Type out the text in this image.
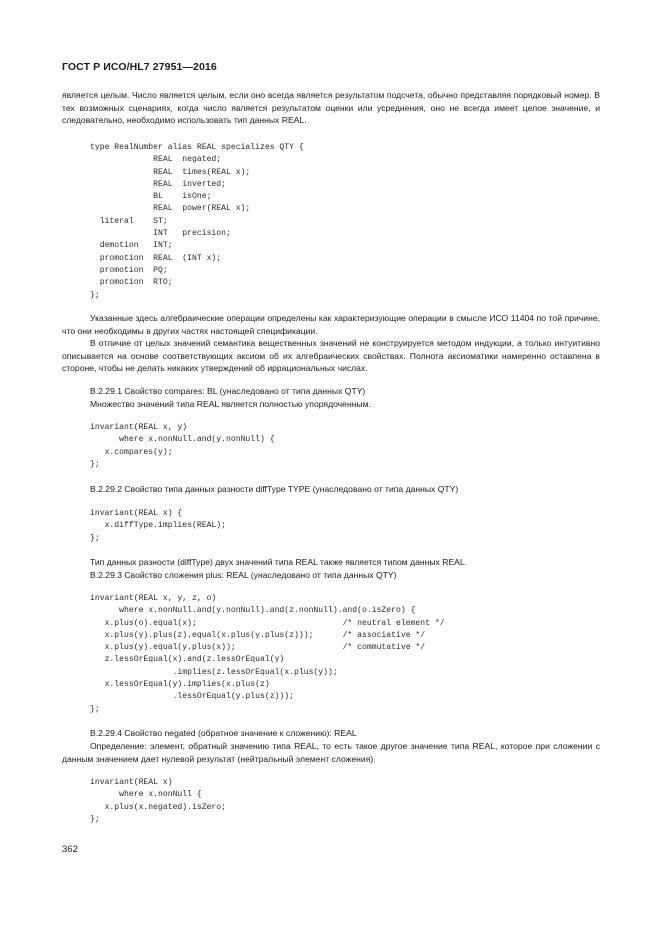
ГОСТ Р ИСО/HL7 27951—2016

является целым. Число является целым, если оно всегда является результатом подсчета, обычно представляя порядковый номер. В тех возможных сценариях, когда число является результатом оценки или усреднения, оно не всегда имеет целое значение, и следовательно, необходимо использовать тип данных REAL.

type RealNumber alias REAL specializes QTY {
REAL  negated;
REAL  times(REAL x);
REAL  inverted;
BL    isOne;
REAL  power(REAL x);
literal    ST;
INT   precision;
demotion   INT;
promotion  REAL  (INT x);
promotion  PQ;
promotion  RTO;
};

Указанные здесь алгебраические операции определены как характеризующие операции в смысле ИСО 11404 по той причине, что они необходимы в других частях настоящей спецификации.

В отличие от целых значений семантика вещественных значений не конструируется методом индукции, а только интуитивно описывается на основе соответствующих аксиом об их алгебраических свойствах. Полнота аксиоматики намеренно оставлена в стороне, чтобы не делать никаких утверждений об иррациональных числах.

B.2.29.1 Свойство compares: BL (унаследовано от типа данных QTY)

Множество значений типа REAL является полностью упорядоченным.

invariant(REAL x, y)
where x.nonNull.and(y.nonNull) {
x.compares(y);
};

B.2.29.2 Свойство типа данных разности diffType TYPE (унаследовано от типа данных QTY)

invariant(REAL x) {
x.diffType.implies(REAL);
};

Тип данных разности (diffType) двух значений типа REAL также является типом данных REAL.

B.2.29.3 Свойство сложения plus: REAL (унаследовано от типа данных QTY)

invariant(REAL x, y, z, o)
where x.nonNull.and(y.nonNull).and(z.nonNull).and(o.isZero) {
x.plus(o).equal(x);                              /* neutral element */
x.plus(y).plus(z).equal(x.plus(y.plus(z)));      /* associative */
x.plus(y).equal(y.plus(x));                      /* commutative */
z.lessOrEqual(x).and(z.lessOrEqual(y)
.implies(z.lessOrEqual(x.plus(y));
x.lessOrEqual(y).implies(x.plus(z)
.lessOrEqual(y.plus(z)));
};

B.2.29.4 Свойство negated (обратное значение к сложению): REAL

Определение: элемент, обратный значению типа REAL, то есть такое другое значение типа REAL, которое при сложении с данным значением дает нулевой результат (нейтральный элемент сложения).

invariant(REAL x)
where x.nonNull {
x.plus(x.negated).isZero;
};
362
